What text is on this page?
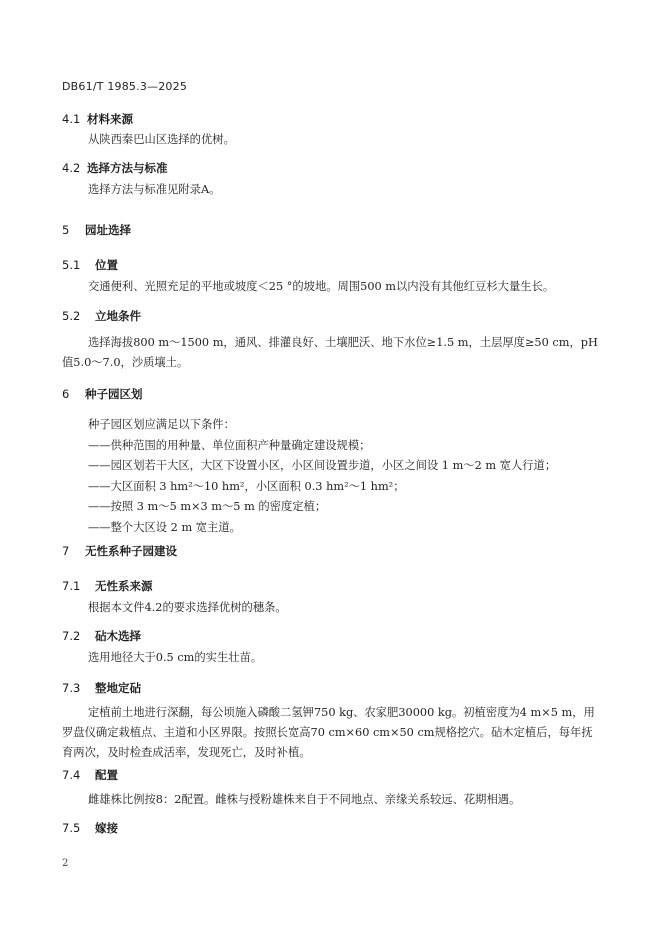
DB61/T 1985.3—2025
4.1 材料来源
从陕西秦巴山区选择的优树。
4.2 选择方法与标准
选择方法与标准见附录A。
5 园址选择
5.1 位置
交通便利、光照充足的平地或坡度＜25 °的坡地。周围500 m以内没有其他红豆杉大量生长。
5.2 立地条件
选择海拔800 m～1500 m，通风、排灌良好、土壤肥沃、地下水位≥1.5 m，土层厚度≥50 cm，pH
值5.0～7.0，沙质壤土。
6 种子园区划
种子园区划应满足以下条件：
——供种范围的用种量、单位面积产种量确定建设规模；
——园区划若干大区，大区下设置小区，小区间设置步道，小区之间设 1 m～2 m 宽人行道；
——大区面积 3 hm²～10 hm²，小区面积 0.3 hm²～1 hm²；
——按照 3 m～5 m×3 m～5 m 的密度定植；
——整个大区设 2 m 宽主道。
7 无性系种子园建设
7.1 无性系来源
根据本文件4.2的要求选择优树的穗条。
7.2 砧木选择
选用地径大于0.5 cm的实生壮苗。
7.3 整地定砧
定植前土地进行深翻，每公顷施入磷酸二氢钾750 kg、农家肥30000 kg。初植密度为4 m×5 m，用
罗盘仪确定栽植点、主道和小区界限。按照长宽高70 cm×60 cm×50 cm规格挖穴。砧木定植后，每年抚
育两次，及时检查成活率，发现死亡，及时补植。
7.4 配置
雌雄株比例按8：2配置。雌株与授粉雄株来自于不同地点、亲缘关系较远、花期相遇。
7.5 嫁接
2
